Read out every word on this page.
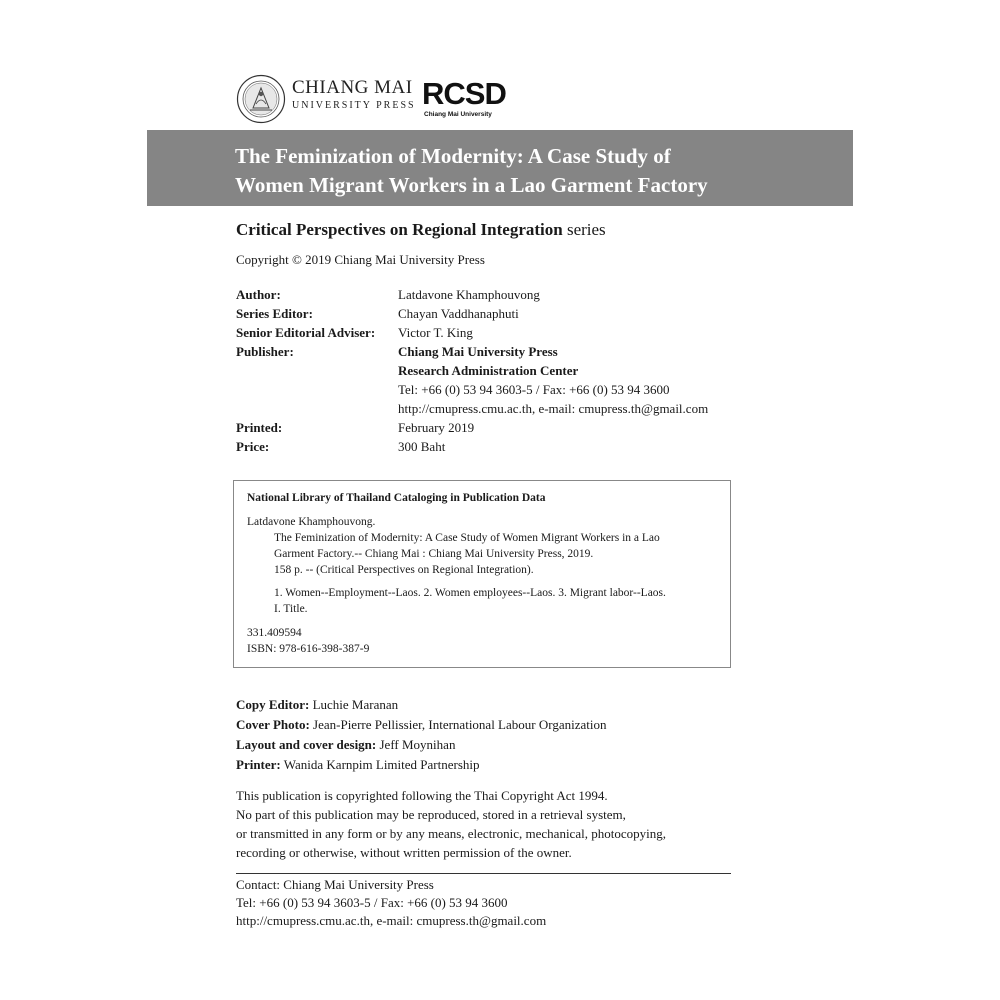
CHIANG MAI
UNIVERSITY PRESS RCSD
Chiang Mai University
The Feminization of Modernity: A Case Study of
Women Migrant Workers in a Lao Garment Factory
Critical Perspectives on Regional Integration series
Copyright © 2019 Chiang Mai University Press
Author:	Latdavone Khamphouvong
Series Editor:	Chayan Vaddhanaphuti
Senior Editorial Adviser: Victor T. King
Publisher:	Chiang Mai University Press
Research Administration Center
Tel: +66 (0) 53 94 3603-5 / Fax: +66 (0) 53 94 3600
http://cmupress.cmu.ac.th, e-mail: cmupress.th@gmail.com
Printed:	February 2019
Price:	300 Baht
National Library of Thailand Cataloging in Publication Data
Latdavone Khamphouvong.
The Feminization of Modernity: A Case Study of Women Migrant Workers in a Lao
Garment Factory.-- Chiang Mai : Chiang Mai University Press, 2019.
158 p. -- (Critical Perspectives on Regional Integration).
1. Women--Employment--Laos. 2. Women employees--Laos. 3. Migrant labor--Laos.
I. Title.
331.409594
ISBN: 978-616-398-387-9
Copy Editor: Luchie Maranan
Cover Photo: Jean-Pierre Pellissier, International Labour Organization
Layout and cover design: Jeff Moynihan
Printer: Wanida Karnpim Limited Partnership
This publication is copyrighted following the Thai Copyright Act 1994.
No part of this publication may be reproduced, stored in a retrieval system,
or transmitted in any form or by any means, electronic, mechanical, photocopying,
recording or otherwise, without written permission of the owner.
Contact: Chiang Mai University Press
Tel: +66 (0) 53 94 3603-5 / Fax: +66 (0) 53 94 3600
http://cmupress.cmu.ac.th, e-mail: cmupress.th@gmail.com
